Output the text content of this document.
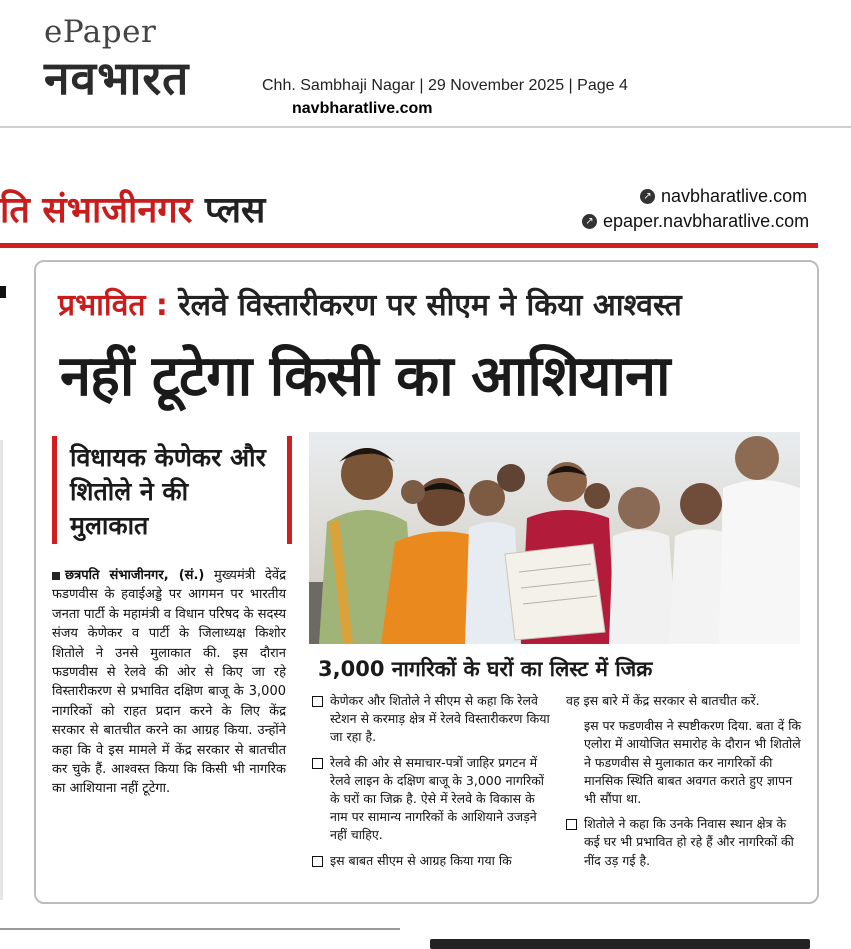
ePaper
नवभारत	Chh. Sambhaji Nagar | 29 November 2025 | Page 4
navbharatlive.com
ति संभाजीनगर प्लस	↗ navbharatlive.com
↗ epaper.navbharatlive.com
प्रभावित : रेलवे विस्तारीकरण पर सीएम ने किया आश्वस्त
नहीं टूटेगा किसी का आशियाना
विधायक केणेकर और शितोले ने की मुलाकात
3,000 नागरिकों के घरों का लिस्ट में जिक्र
छत्रपति संभाजीनगर, (सं.) मुख्यमंत्री देवेंद्र फडणवीस के हवाईअड्डे पर आगमन पर भारतीय जनता पार्टी के महामंत्री व विधान परिषद के सदस्य संजय केणेकर व पार्टी के जिलाध्यक्ष किशोर शितोले ने उनसे मुलाकात की. इस दौरान फडणवीस से रेलवे की ओर से किए जा रहे विस्तारीकरण से प्रभावित दक्षिण बाजू के 3,000 नागरिकों को राहत प्रदान करने के लिए केंद्र सरकार से बातचीत करने का आग्रह किया. उन्होंने कहा कि वे इस मामले में केंद्र सरकार से बातचीत कर चुके हैं. आश्वस्त किया कि किसी भी नागरिक का आशियाना नहीं टूटेगा.
केणेकर और शितोले ने सीएम से कहा कि रेलवे स्टेशन से करमाड़ क्षेत्र में रेलवे विस्तारीकरण किया जा रहा है.
रेलवे की ओर से समाचार-पत्रों जाहिर प्रगटन में रेलवे लाइन के दक्षिण बाजू के 3,000 नागरिकों के घरों का जिक्र है. ऐसे में रेलवे के विकास के नाम पर सामान्य नागरिकों के आशियाने उजड़ने नहीं चाहिए.
इस बाबत सीएम से आग्रह किया गया कि
वह इस बारे में केंद्र सरकार से बातचीत करें.
इस पर फडणवीस ने स्पष्टीकरण दिया. बता दें कि एलोरा में आयोजित समारोह के दौरान भी शितोले ने फडणवीस से मुलाकात कर नागरिकों की मानसिक स्थिति बाबत अवगत कराते हुए ज्ञापन भी सौंपा था.
शितोले ने कहा कि उनके निवास स्थान क्षेत्र के कई घर भी प्रभावित हो रहे हैं और नागरिकों की नींद उड़ गई है.
